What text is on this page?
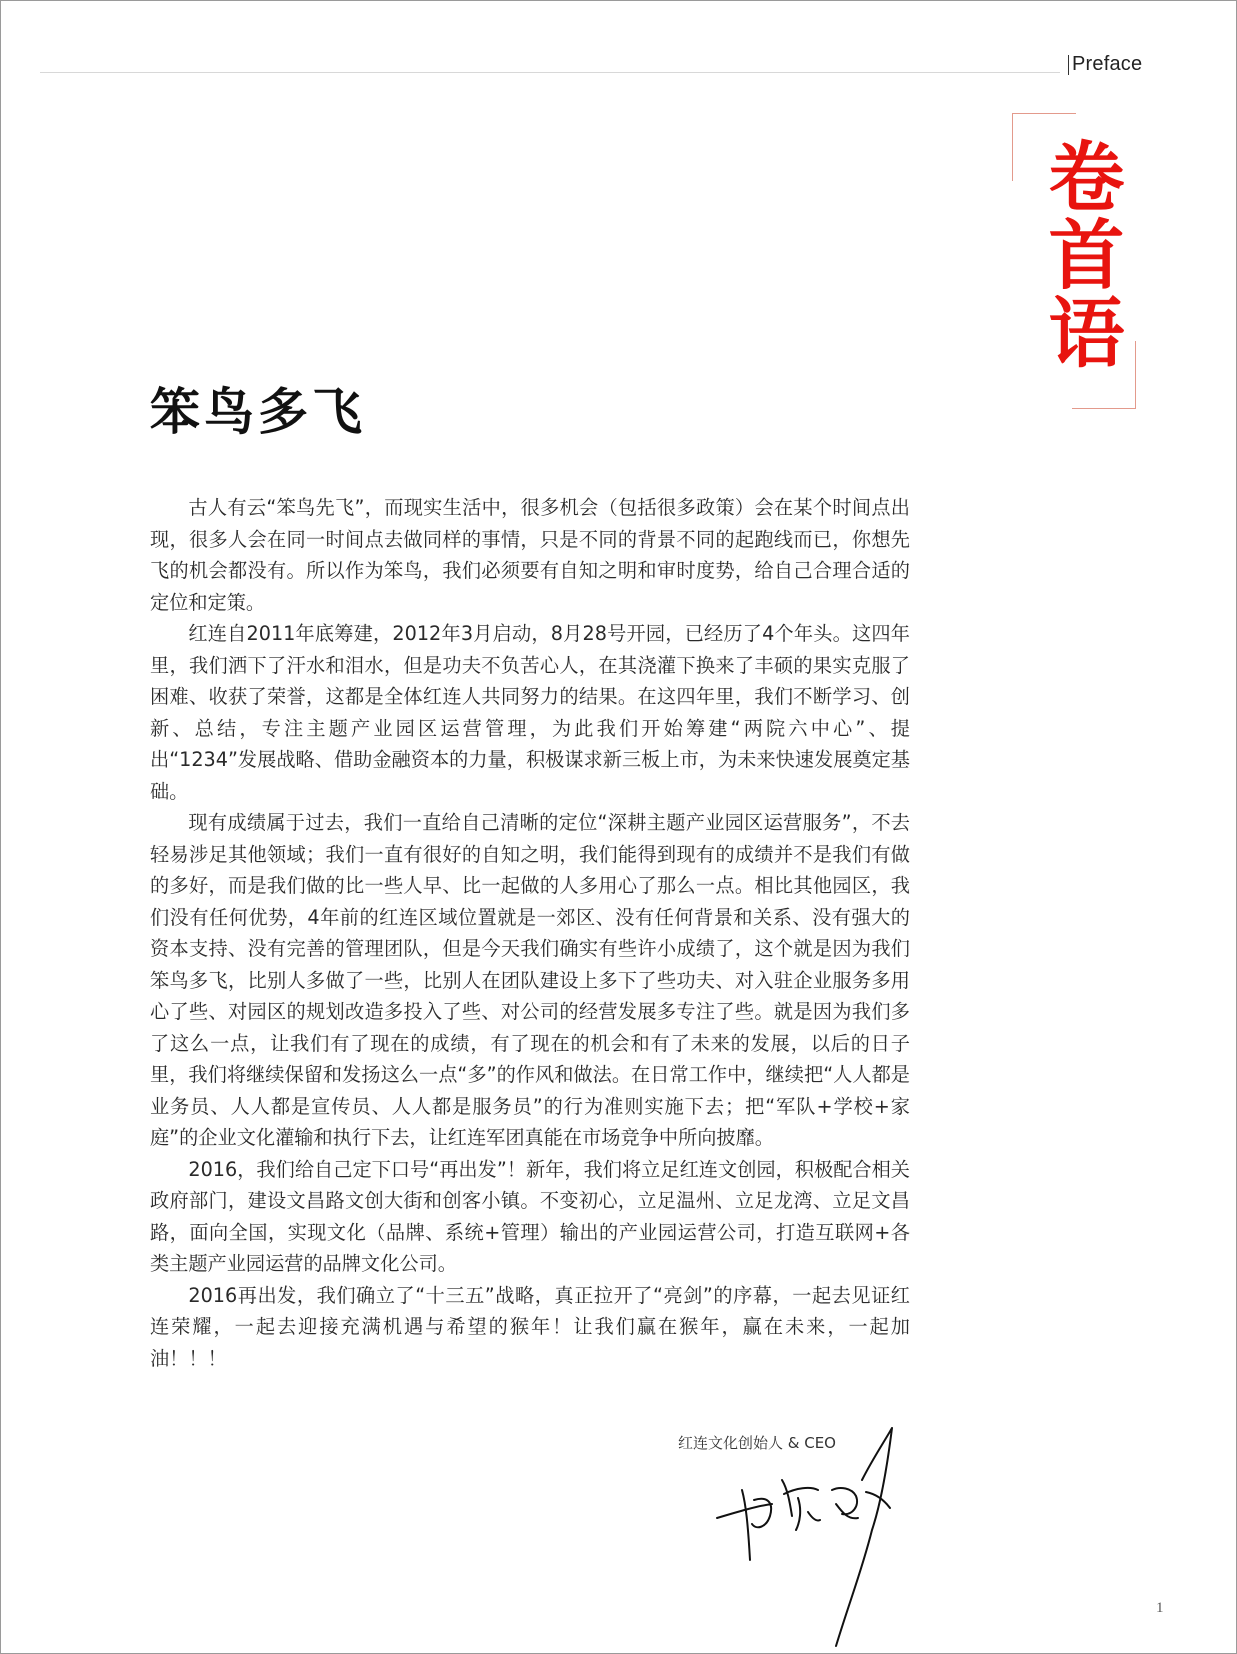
Preface
卷首语
笨鸟多飞

古人有云“笨鸟先飞”，而现实生活中，很多机会（包括很多政策）会在某个时间点出现，很多人会在同一时间点去做同样的事情，只是不同的背景不同的起跑线而已，你想先飞的机会都没有。所以作为笨鸟，我们必须要有自知之明和审时度势，给自己合理合适的定位和定策。

红连自2011年底筹建，2012年3月启动，8月28号开园，已经历了4个年头。这四年里，我们洒下了汗水和泪水，但是功夫不负苦心人，在其浇灌下换来了丰硕的果实克服了困难、收获了荣誉，这都是全体红连人共同努力的结果。在这四年里，我们不断学习、创新、总结，专注主题产业园区运营管理，为此我们开始筹建“两院六中心”、提出“1234”发展战略、借助金融资本的力量，积极谋求新三板上市，为未来快速发展奠定基础。

现有成绩属于过去，我们一直给自己清晰的定位“深耕主题产业园区运营服务”，不去轻易涉足其他领域；我们一直有很好的自知之明，我们能得到现有的成绩并不是我们有做的多好，而是我们做的比一些人早、比一起做的人多用心了那么一点。相比其他园区，我们没有任何优势，4年前的红连区域位置就是一郊区、没有任何背景和关系、没有强大的资本支持、没有完善的管理团队，但是今天我们确实有些许小成绩了，这个就是因为我们笨鸟多飞，比别人多做了一些，比别人在团队建设上多下了些功夫、对入驻企业服务多用心了些、对园区的规划改造多投入了些、对公司的经营发展多专注了些。就是因为我们多了这么一点，让我们有了现在的成绩，有了现在的机会和有了未来的发展，以后的日子里，我们将继续保留和发扬这么一点“多”的作风和做法。在日常工作中，继续把“人人都是业务员、人人都是宣传员、人人都是服务员”的行为准则实施下去；把“军队+学校+家庭”的企业文化灌输和执行下去，让红连军团真能在市场竞争中所向披靡。

2016，我们给自己定下口号“再出发”！新年，我们将立足红连文创园，积极配合相关政府部门，建设文昌路文创大街和创客小镇。不变初心，立足温州、立足龙湾、立足文昌路，面向全国，实现文化（品牌、系统+管理）输出的产业园运营公司，打造互联网+各类主题产业园运营的品牌文化公司。

2016再出发，我们确立了“十三五”战略，真正拉开了“亮剑”的序幕，一起去见证红连荣耀，一起去迎接充满机遇与希望的猴年！让我们赢在猴年，赢在未来，一起加油！！！

红连文化创始人 & CEO
1
